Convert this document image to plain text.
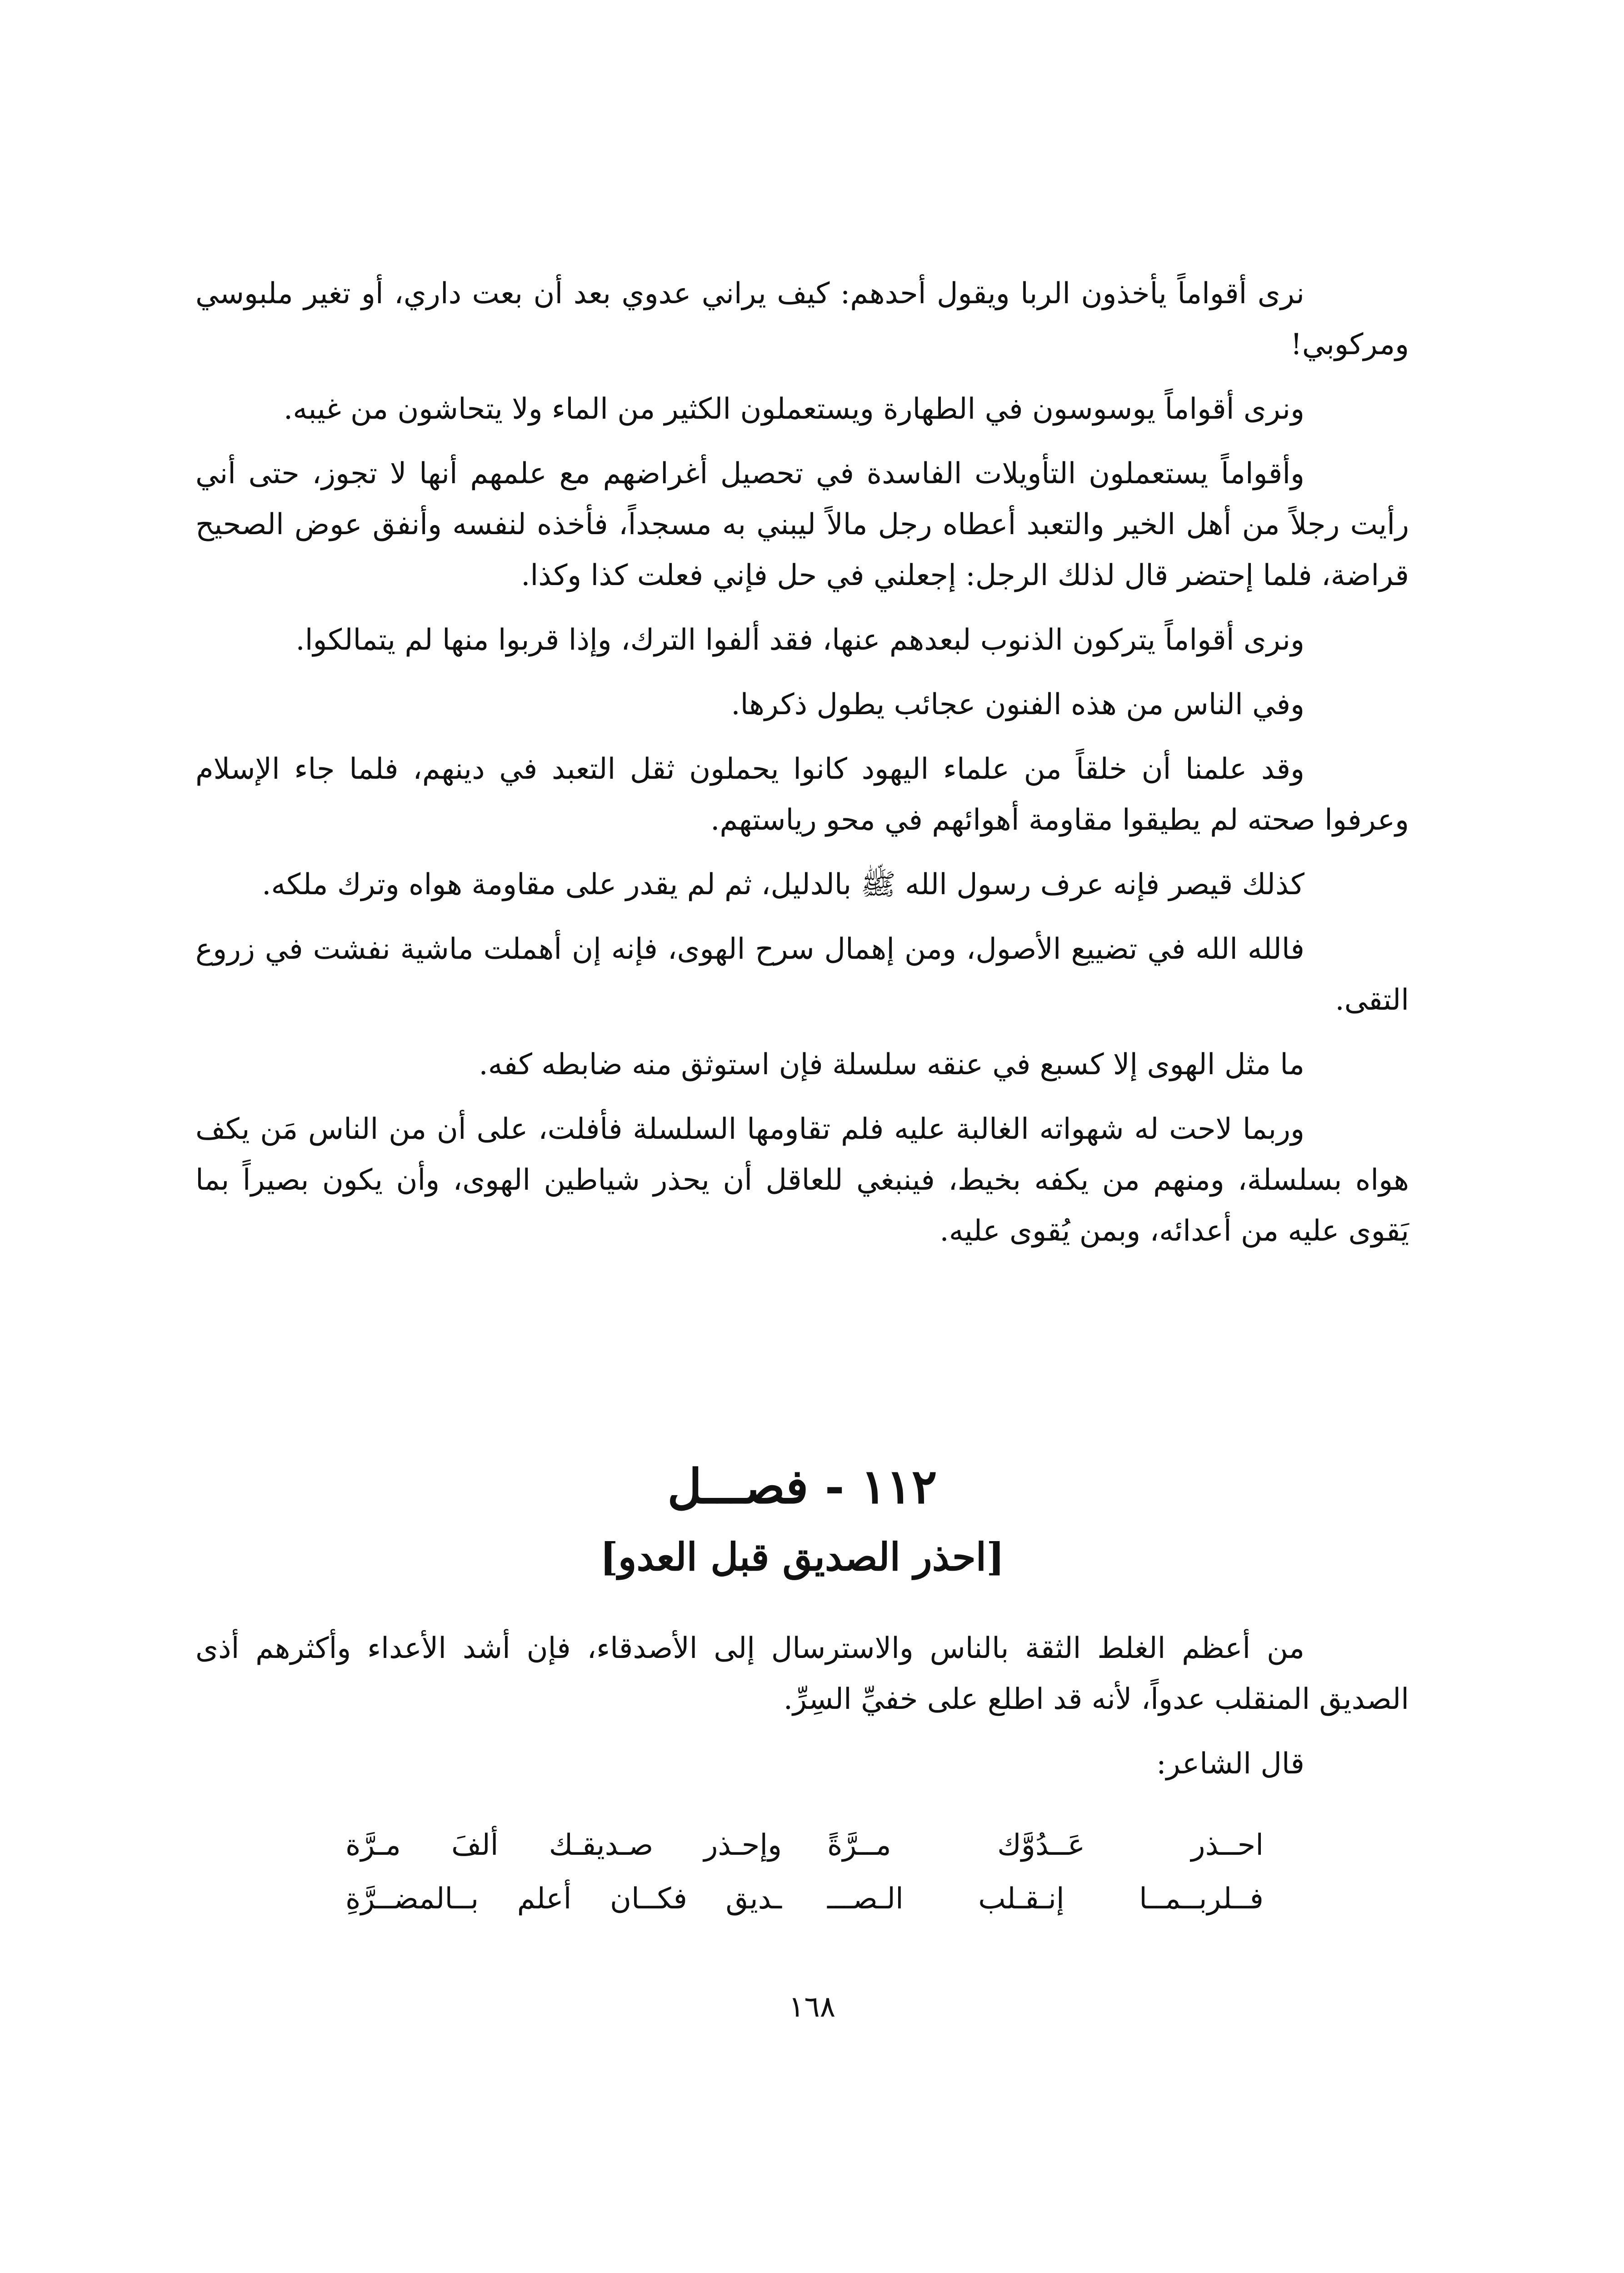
نرى أقواماً يأخذون الربا ويقول أحدهم: كيف يراني عدوي بعد أن بعت داري، أو تغير ملبوسي ومركوبي!

ونرى أقواماً يوسوسون في الطهارة ويستعملون الكثير من الماء ولا يتحاشون من غيبه.

وأقواماً يستعملون التأويلات الفاسدة في تحصيل أغراضهم مع علمهم أنها لا تجوز، حتى أني رأيت رجلاً من أهل الخير والتعبد أعطاه رجل مالاً ليبني به مسجداً، فأخذه لنفسه وأنفق عوض الصحيح قراضة، فلما إحتضر قال لذلك الرجل: إجعلني في حل فإني فعلت كذا وكذا.

ونرى أقواماً يتركون الذنوب لبعدهم عنها، فقد ألفوا الترك، وإذا قربوا منها لم يتمالكوا.

وفي الناس من هذه الفنون عجائب يطول ذكرها.

وقد علمنا أن خلقاً من علماء اليهود كانوا يحملون ثقل التعبد في دينهم، فلما جاء الإسلام وعرفوا صحته لم يطيقوا مقاومة أهوائهم في محو رياستهم.

كذلك قيصر فإنه عرف رسول الله ﷺ بالدليل، ثم لم يقدر على مقاومة هواه وترك ملكه.

فالله الله في تضييع الأصول، ومن إهمال سرح الهوى، فإنه إن أهملت ماشية نفشت في زروع التقى.

ما مثل الهوى إلا كسبع في عنقه سلسلة فإن استوثق منه ضابطه كفه.

وربما لاحت له شهواته الغالبة عليه فلم تقاومها السلسلة فأفلت، على أن من الناس مَن يكف هواه بسلسلة، ومنهم من يكفه بخيط، فينبغي للعاقل أن يحذر شياطين الهوى، وأن يكون بصيراً بما يَقوى عليه من أعدائه، وبمن يُقوى عليه.

١١٢ - فصـــل
[احذر الصديق قبل العدو]

من أعظم الغلط الثقة بالناس والاسترسال إلى الأصدقاء، فإن أشد الأعداء وأكثرهم أذى الصديق المنقلب عدواً، لأنه قد اطلع على خفيِّ السِرِّ.

قال الشاعر:

احــذر عَــدُوَّك مــرَّةً
وإحـذر صـديقـك ألفَ مـرَّة
فــلربــمــا إنـقـلب الـصـــ
ـديق فكــان أعلم بــالمضــرَّةِ
١٦٨
